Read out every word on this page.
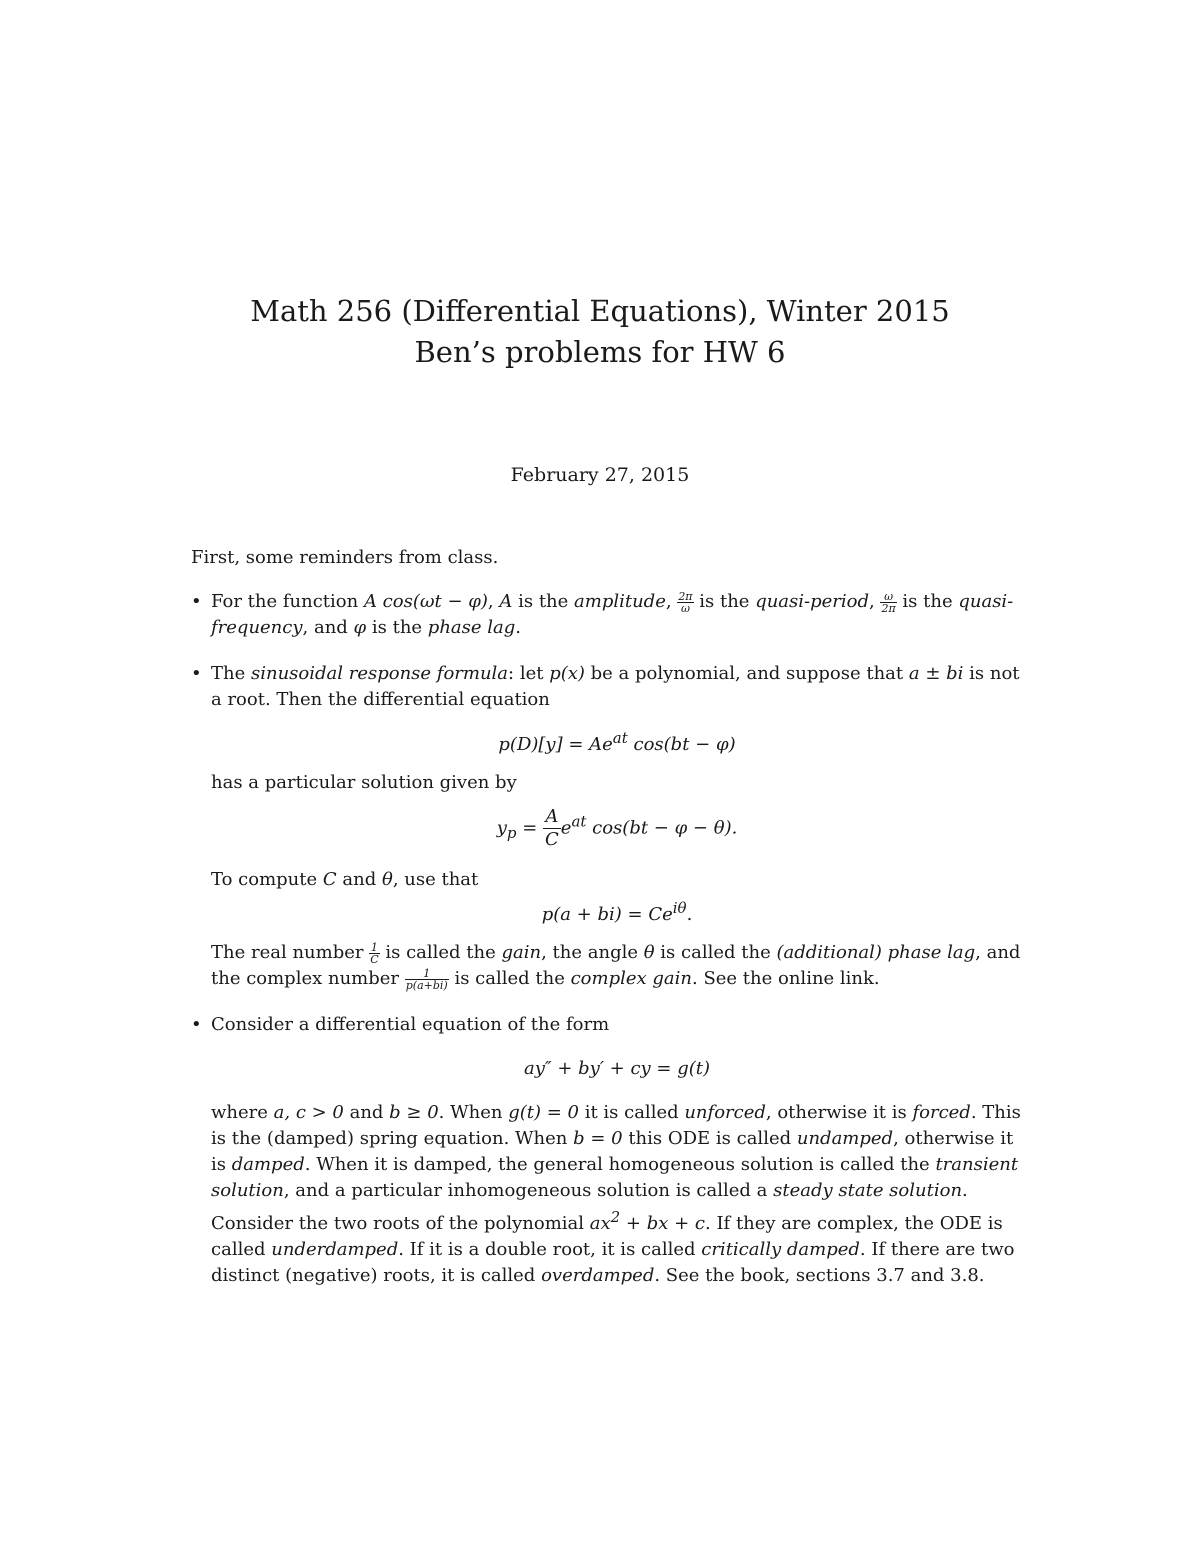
Math 256 (Differential Equations), Winter 2015
Ben’s problems for HW 6
February 27, 2015

First, some reminders from class.

• For the function A cos(ωt − φ), A is the amplitude, $\frac{2\pi}{\omega}$ is the quasi-period, $\frac{\omega}{2\pi}$ is the quasi-frequency, and φ is the phase lag.

• The sinusoidal response formula: let p(x) be a polynomial, and suppose that a ± bi is not a root. Then the differential equation

$p(D)[y] = Ae^{at}$ cos(bt − φ)

has a particular solution given by

$y_p = \frac{A}{C} e^{at}$ cos(bt − φ − θ).

To compute C and θ, use that

$p(a + bi) = Ce^{i\theta}$.

The real number $\frac{1}{C}$ is called the gain, the angle θ is called the (additional) phase lag, and the complex number $\frac{1}{p(a+bi)}$ is called the complex gain. See the online link.

• Consider a differential equation of the form

ay″ + by′ + cy = g(t)

where a, c > 0 and b ≥ 0. When g(t) = 0 it is called unforced, otherwise it is forced. This is the (damped) spring equation. When b = 0 this ODE is called undamped, otherwise it is damped. When it is damped, the general homogeneous solution is called the transient solution, and a particular inhomogeneous solution is called a steady state solution. Consider the two roots of the polynomial $ax^2$ + bx + c. If they are complex, the ODE is called underdamped. If it is a double root, it is called critically damped. If there are two distinct (negative) roots, it is called overdamped. See the book, sections 3.7 and 3.8.
